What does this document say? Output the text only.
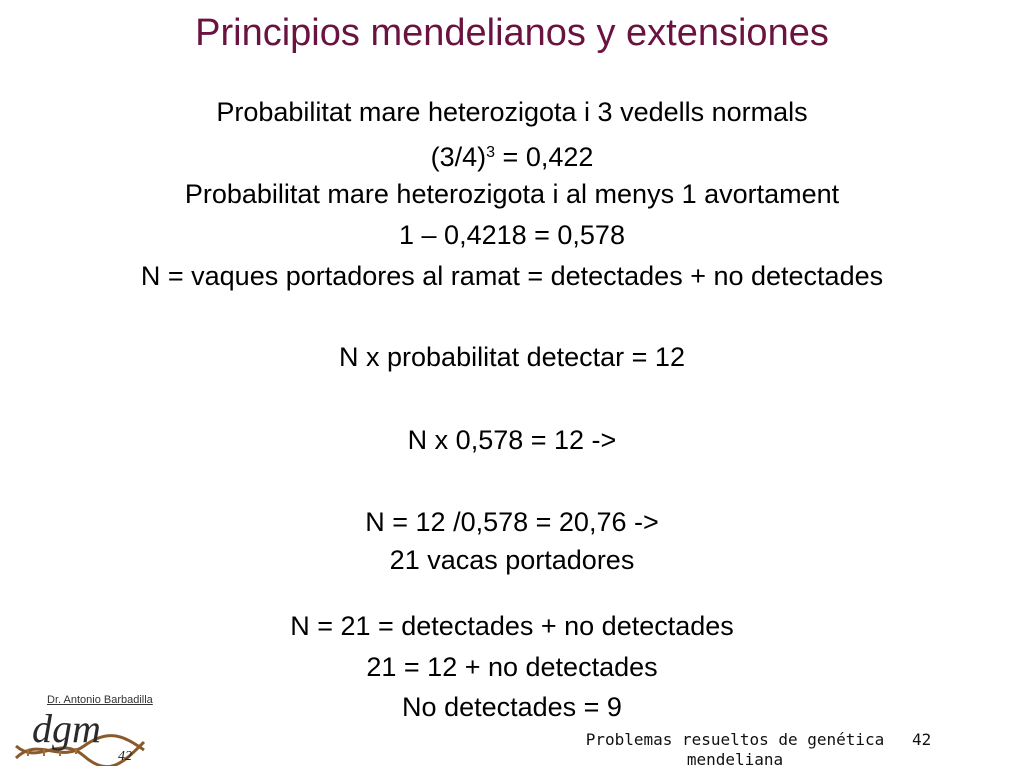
Principios mendelianos y extensiones
Probabilitat mare heterozigota i 3 vedells normals
$(3/4)^3 = 0,422$
Probabilitat mare heterozigota i al menys 1 avortament
1 – 0,4218 = 0,578
N = vaques portadores al ramat = detectades + no detectades
N x probabilitat detectar = 12
N x 0,578 = 12 ->
N = 12 /0,578 = 20,76 ->
21 vacas portadores
N = 21 = detectades + no detectades
21 = 12 + no detectades
No detectades = 9
Dr. Antonio Barbadilla
dgm
42
Problemas resueltos de genética
mendeliana
42
